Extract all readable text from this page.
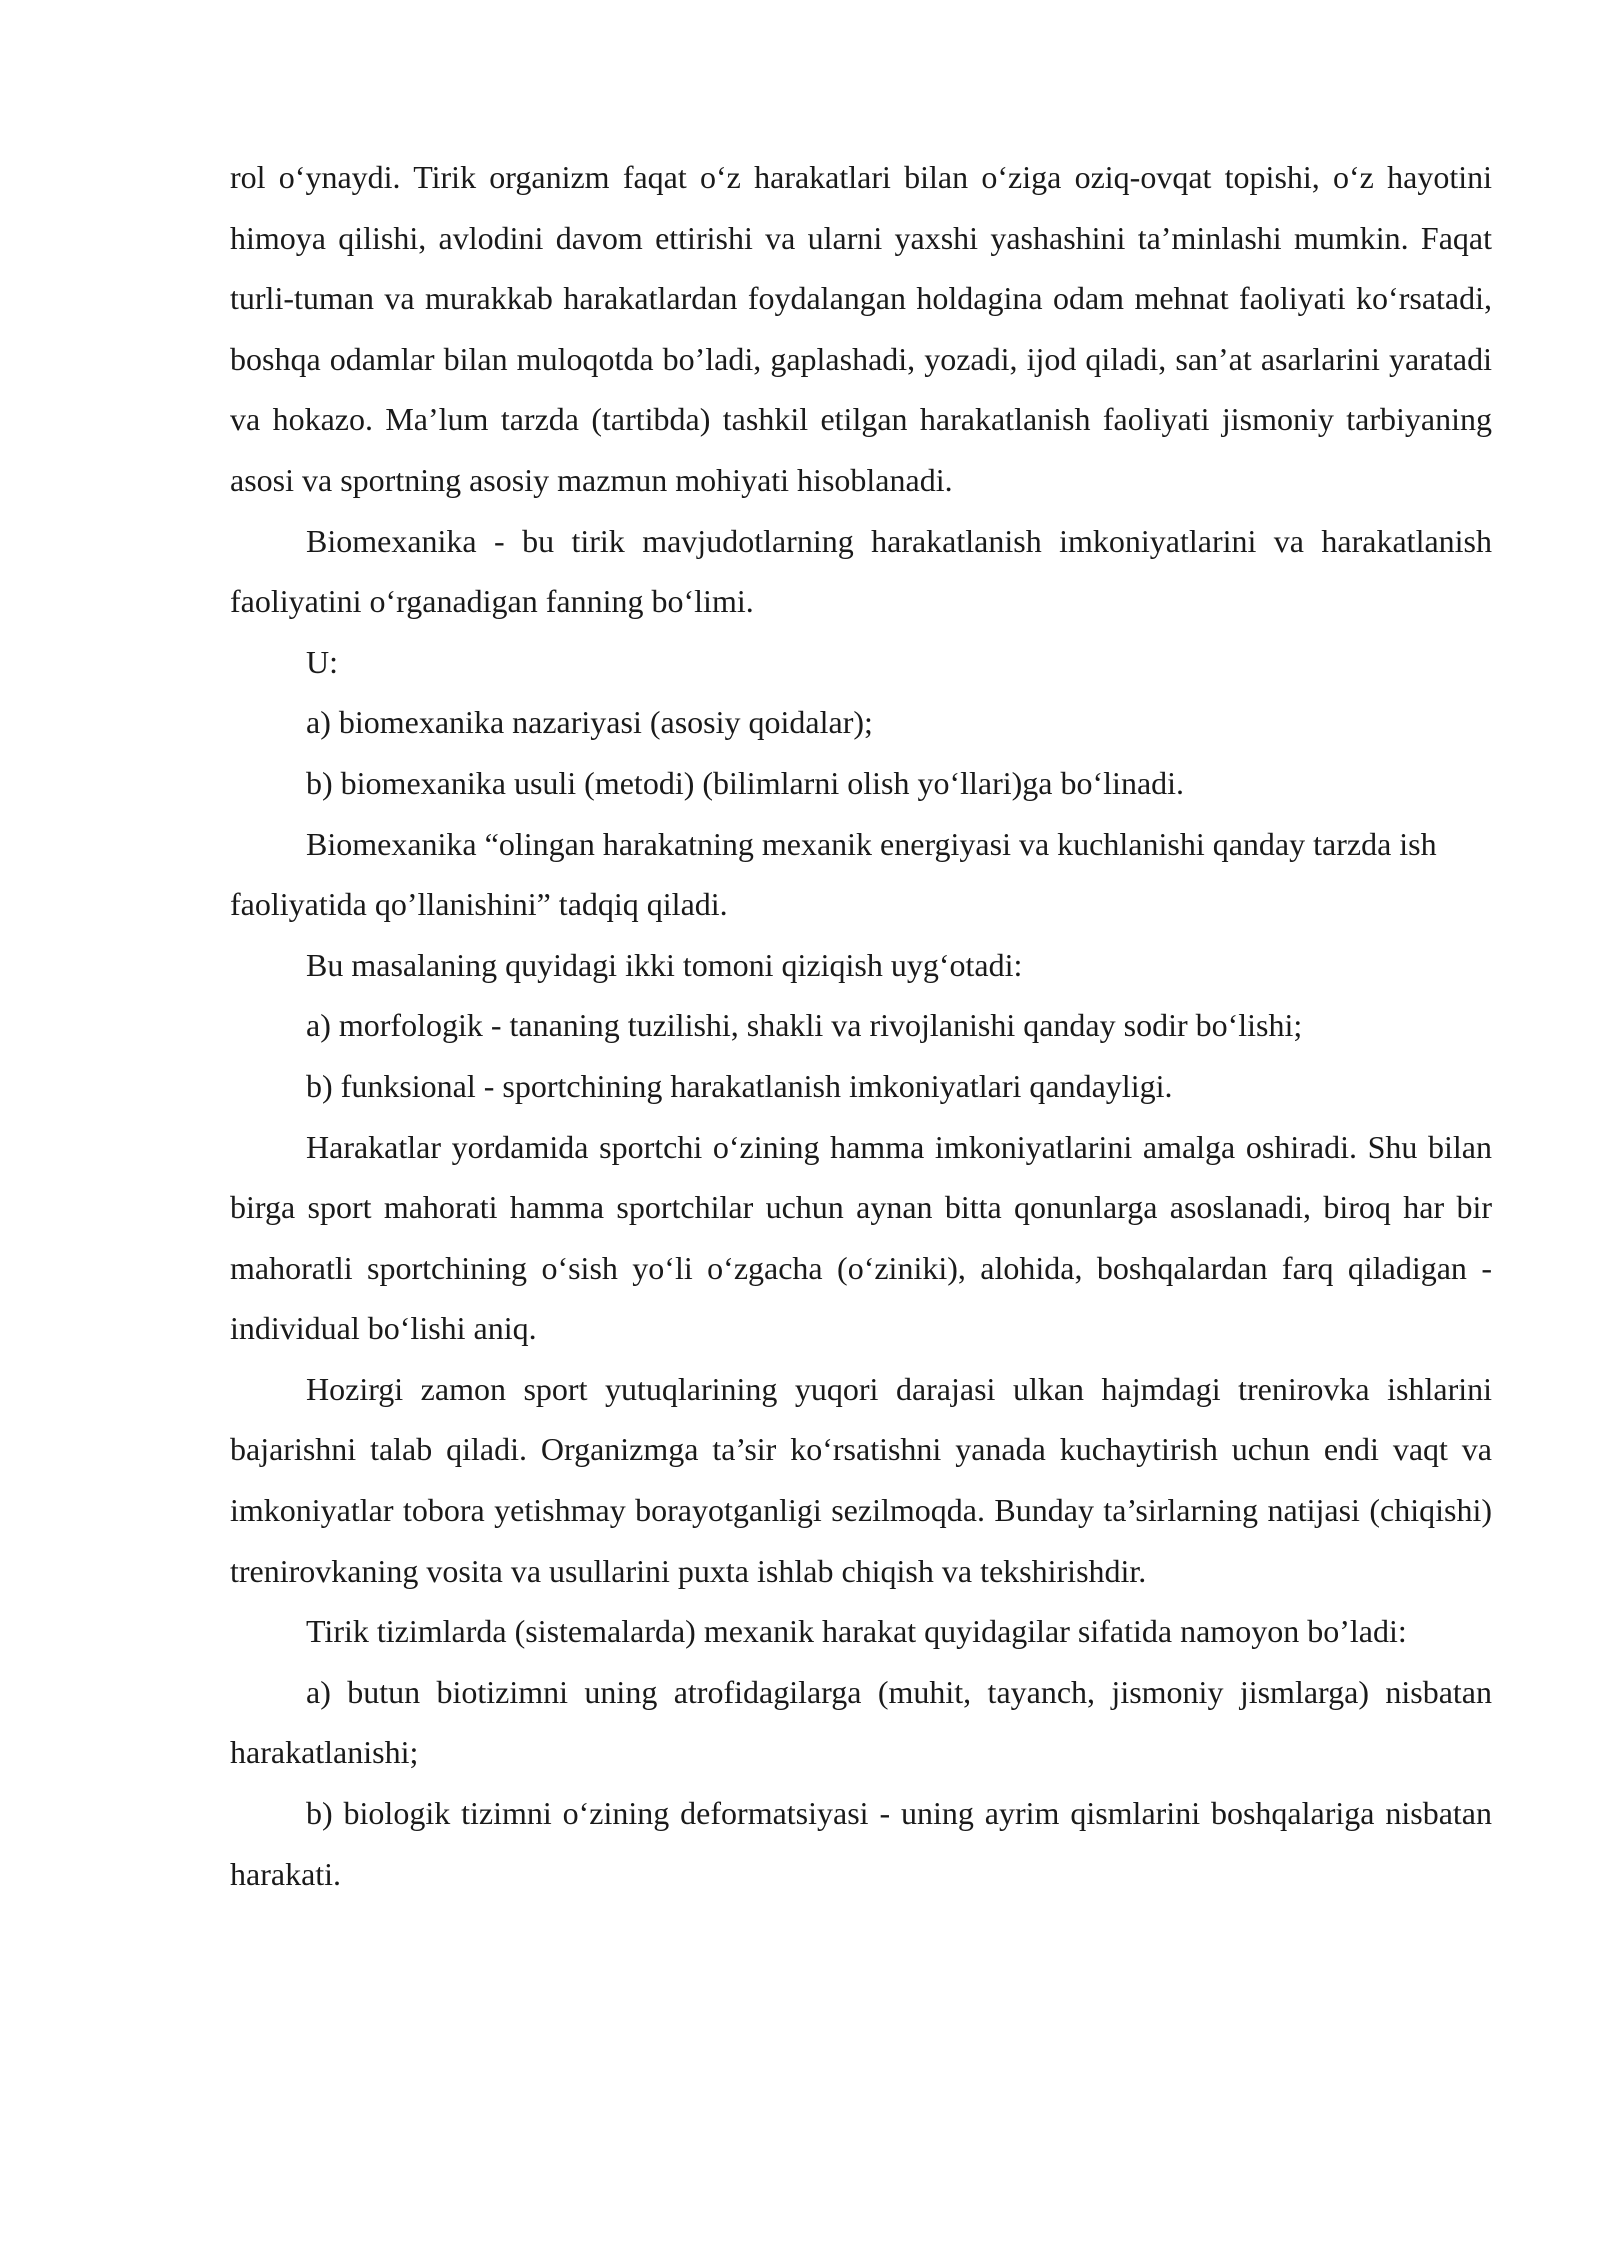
rol o‘ynaydi. Tirik organizm faqat o‘z harakatlari bilan o‘ziga oziq-ovqat topishi, o‘z hayotini himoya qilishi, avlodini davom ettirishi va ularni yaxshi yashashini ta’minlashi mumkin. Faqat turli-tuman va murakkab harakatlardan foydalangan holdagina odam mehnat faoliyati ko‘rsatadi, boshqa odamlar bilan muloqotda bo’ladi, gaplashadi, yozadi, ijod qiladi, san’at asarlarini yaratadi va hokazo. Ma’lum tarzda (tartibda) tashkil etilgan harakatlanish faoliyati jismoniy tarbiyaning asosi va sportning asosiy mazmun mohiyati hisoblanadi.

Biomexanika - bu tirik mavjudotlarning harakatlanish imkoniyatlarini va harakatlanish faoliyatini o‘rganadigan fanning bo‘limi.

U:

a) biomexanika nazariyasi (asosiy qoidalar);

b) biomexanika usuli (metodi) (bilimlarni olish yo‘llari)ga bo‘linadi.

Biomexanika “olingan harakatning mexanik energiyasi va kuchlanishi qanday tarzda ish faoliyatida qo’llanishini” tadqiq qiladi.

Bu masalaning quyidagi ikki tomoni qiziqish uyg‘otadi:

a) morfologik - tananing tuzilishi, shakli va rivojlanishi qanday sodir bo‘lishi;

b) funksional - sportchining harakatlanish imkoniyatlari qandayligi.

Harakatlar yordamida sportchi o‘zining hamma imkoniyatlarini amalga oshiradi. Shu bilan birga sport mahorati hamma sportchilar uchun aynan bitta qonunlarga asoslanadi, biroq har bir mahoratli sportchining o‘sish yo‘li o‘zgacha (o‘ziniki), alohida, boshqalardan farq qiladigan - individual bo‘lishi aniq.

Hozirgi zamon sport yutuqlarining yuqori darajasi ulkan hajmdagi trenirovka ishlarini bajarishni talab qiladi. Organizmga ta’sir ko‘rsatishni yanada kuchaytirish uchun endi vaqt va imkoniyatlar tobora yetishmay borayotganligi sezilmoqda. Bunday ta’sirlarning natijasi (chiqishi) trenirovkaning vosita va usullarini puxta ishlab chiqish va tekshirishdir.

Tirik tizimlarda (sistemalarda) mexanik harakat quyidagilar sifatida namoyon bo’ladi:

a) butun biotizimni uning atrofidagilarga (muhit, tayanch, jismoniy jismlarga) nisbatan harakatlanishi;

b) biologik tizimni o‘zining deformatsiyasi - uning ayrim qismlarini boshqalariga nisbatan harakati.
